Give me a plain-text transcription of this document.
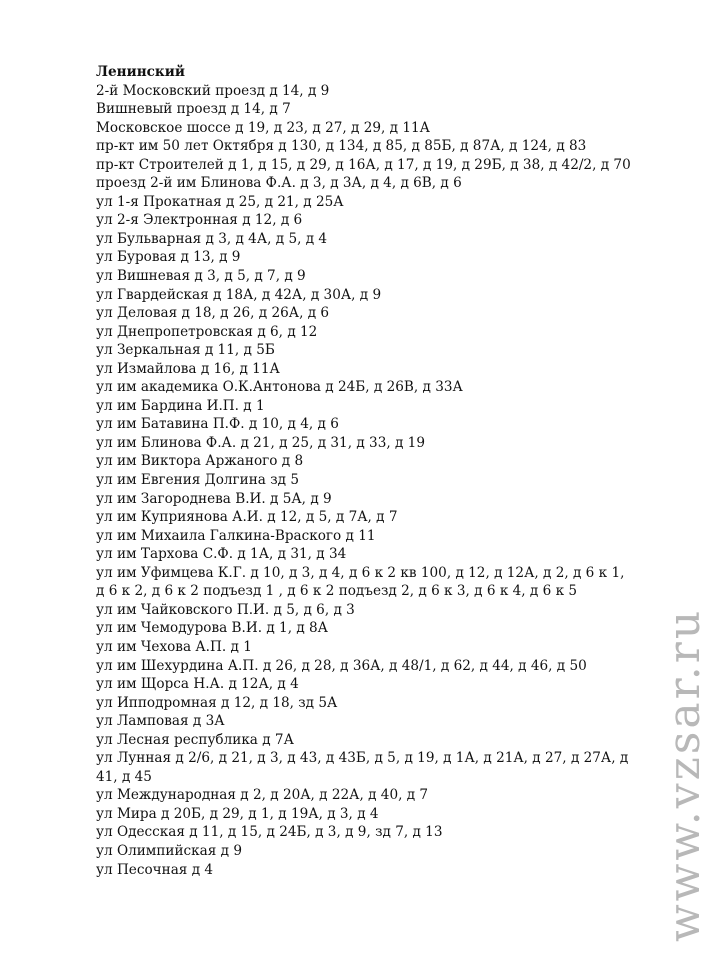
Ленинский
2-й Московский проезд д 14, д 9
Вишневый проезд д 14, д 7
Московское шоссе д 19, д 23, д 27, д 29, д 11А
пр-кт им 50 лет Октября д 130, д 134, д 85, д 85Б, д 87А, д 124, д 83
пр-кт Строителей д 1, д 15, д 29, д 16А, д 17, д 19, д 29Б, д 38, д 42/2, д 70
проезд 2-й им Блинова Ф.А. д 3, д 3А, д 4, д 6В, д 6
ул 1-я Прокатная д 25, д 21, д 25А
ул 2-я Электронная д 12, д 6
ул Бульварная д 3, д 4А, д 5, д 4
ул Буровая д 13, д 9
ул Вишневая д 3, д 5, д 7, д 9
ул Гвардейская д 18А, д 42А, д 30А, д 9
ул Деловая д 18, д 26, д 26А, д 6
ул Днепропетровская д 6, д 12
ул Зеркальная д 11, д 5Б
ул Измайлова д 16, д 11А
ул им академика О.К.Антонова д 24Б, д 26В, д 33А
ул им Бардина И.П. д 1
ул им Батавина П.Ф. д 10, д 4, д 6
ул им Блинова Ф.А. д 21, д 25, д 31, д 33, д 19
ул им Виктора Аржаного д 8
ул им Евгения Долгина зд 5
ул им Загороднева В.И. д 5А, д 9
ул им Куприянова А.И. д 12, д 5, д 7А, д 7
ул им Михаила Галкина-Враского д 11
ул им Тархова С.Ф. д 1А, д 31, д 34
ул им Уфимцева К.Г. д 10, д 3, д 4, д 6 к 2 кв 100, д 12, д 12А, д 2, д 6 к 1, д 6 к 2, д 6 к 2 подъезд 1 , д 6 к 2 подъезд 2, д 6 к 3, д 6 к 4, д 6 к 5
ул им Чайковского П.И. д 5, д 6, д 3
ул им Чемодурова В.И. д 1, д 8А
ул им Чехова А.П. д 1
ул им Шехурдина А.П. д 26, д 28, д 36А, д 48/1, д 62, д 44, д 46, д 50
ул им Щорса Н.А. д 12А, д 4
ул Ипподромная д 12, д 18, зд 5А
ул Ламповая д 3А
ул Лесная республика д 7А
ул Лунная д 2/6, д 21, д 3, д 43, д 43Б, д 5, д 19, д 1А, д 21А, д 27, д 27А, д 41, д 45
ул Международная д 2, д 20А, д 22А, д 40, д 7
ул Мира д 20Б, д 29, д 1, д 19А, д 3, д 4
ул Одесская д 11, д 15, д 24Б, д 3, д 9, зд 7, д 13
ул Олимпийская д 9
ул Песочная д 4	www.vzsar.ru
